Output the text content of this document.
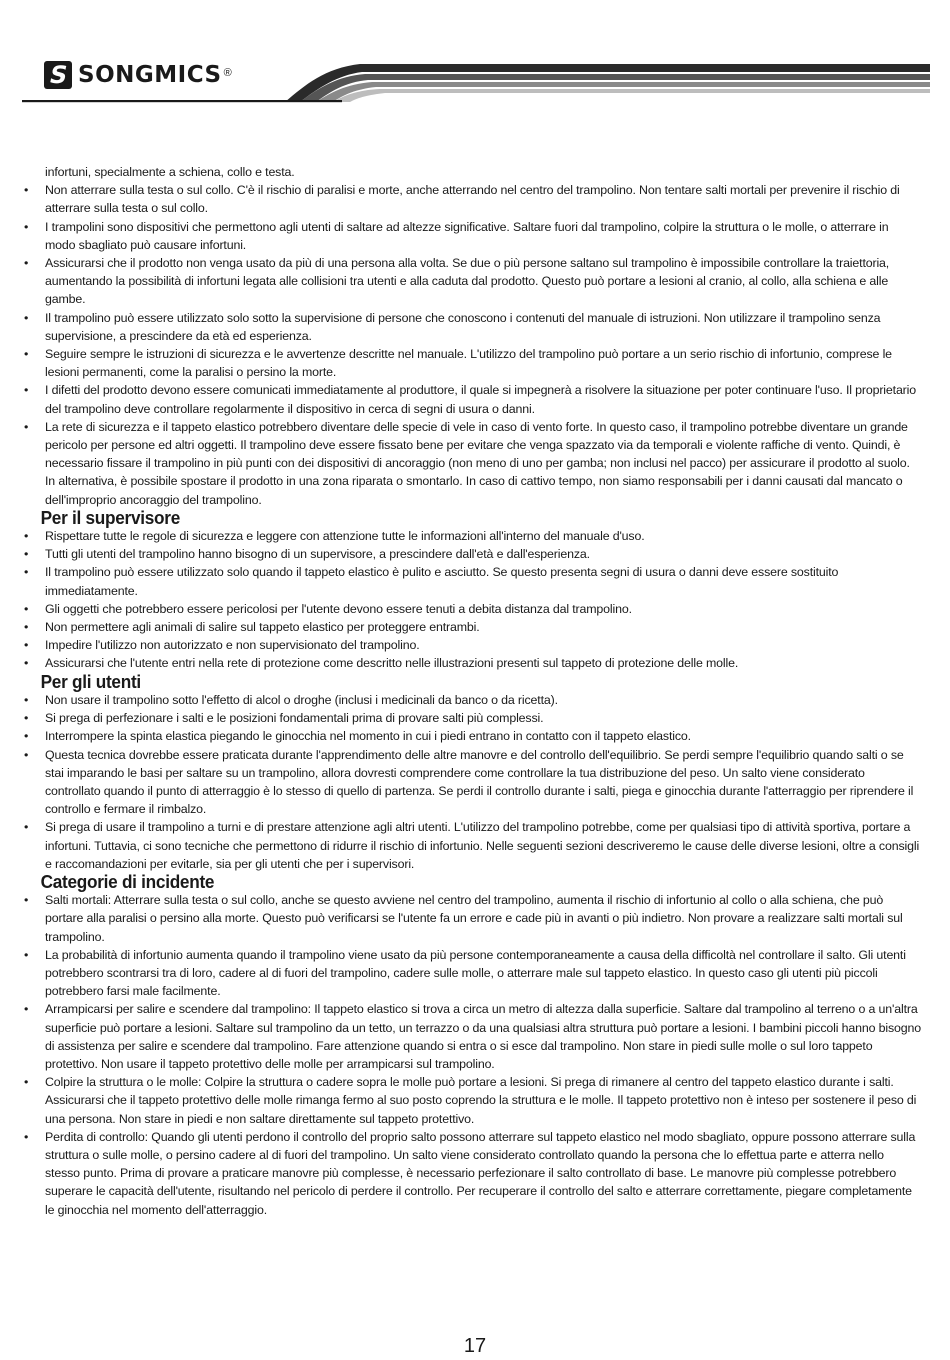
S SONGMICS ®

infortuni, specialmente a schiena, collo e testa.

• Non atterrare sulla testa o sul collo. C'è il rischio di paralisi e morte, anche atterrando nel centro del trampolino. Non tentare salti mortali per prevenire il rischio di atterrare sulla testa o sul collo.
• I trampolini sono dispositivi che permettono agli utenti di saltare ad altezze significative. Saltare fuori dal trampolino, colpire la struttura o le molle, o atterrare in modo sbagliato può causare infortuni.
• Assicurarsi che il prodotto non venga usato da più di una persona alla volta. Se due o più persone saltano sul trampolino è impossibile controllare la traiettoria, aumentando la possibilità di infortuni legata alle collisioni tra utenti e alla caduta dal prodotto. Questo può portare a lesioni al cranio, al collo, alla schiena e alle gambe.
• Il trampolino può essere utilizzato solo sotto la supervisione di persone che conoscono i contenuti del manuale di istruzioni. Non utilizzare il trampolino senza supervisione, a prescindere da età ed esperienza.
• Seguire sempre le istruzioni di sicurezza e le avvertenze descritte nel manuale. L'utilizzo del trampolino può portare a un serio rischio di infortunio, comprese le lesioni permanenti, come la paralisi o persino la morte.
• I difetti del prodotto devono essere comunicati immediatamente al produttore, il quale si impegnerà a risolvere la situazione per poter continuare l'uso. Il proprietario del trampolino deve controllare regolarmente il dispositivo in cerca di segni di usura o danni.
• La rete di sicurezza e il tappeto elastico potrebbero diventare delle specie di vele in caso di vento forte. In questo caso, il trampolino potrebbe diventare un grande pericolo per persone ed altri oggetti. Il trampolino deve essere fissato bene per evitare che venga spazzato via da temporali e violente raffiche di vento. Quindi, è necessario fissare il trampolino in più punti con dei dispositivi di ancoraggio (non meno di uno per gamba; non inclusi nel pacco) per assicurare il prodotto al suolo. In alternativa, è possibile spostare il prodotto in una zona riparata o smontarlo. In caso di cattivo tempo, non siamo responsabili per i danni causati dal mancato o dell'improprio ancoraggio del trampolino.
Per il supervisore
• Rispettare tutte le regole di sicurezza e leggere con attenzione tutte le informazioni all'interno del manuale d'uso.
• Tutti gli utenti del trampolino hanno bisogno di un supervisore, a prescindere dall'età e dall'esperienza.
• Il trampolino può essere utilizzato solo quando il tappeto elastico è pulito e asciutto. Se questo presenta segni di usura o danni deve essere sostituito immediatamente.
• Gli oggetti che potrebbero essere pericolosi per l'utente devono essere tenuti a debita distanza dal trampolino.
• Non permettere agli animali di salire sul tappeto elastico per proteggere entrambi.
• Impedire l'utilizzo non autorizzato e non supervisionato del trampolino.
• Assicurarsi che l'utente entri nella rete di protezione come descritto nelle illustrazioni presenti sul tappeto di protezione delle molle.
Per gli utenti
• Non usare il trampolino sotto l'effetto di alcol o droghe (inclusi i medicinali da banco o da ricetta).
• Si prega di perfezionare i salti e le posizioni fondamentali prima di provare salti più complessi.
• Interrompere la spinta elastica piegando le ginocchia nel momento in cui i piedi entrano in contatto con il tappeto elastico.
• Questa tecnica dovrebbe essere praticata durante l'apprendimento delle altre manovre e del controllo dell'equilibrio. Se perdi sempre l'equilibrio quando salti o se stai imparando le basi per saltare su un trampolino, allora dovresti comprendere come controllare la tua distribuzione del peso. Un salto viene considerato controllato quando il punto di atterraggio è lo stesso di quello di partenza. Se perdi il controllo durante i salti, piega e ginocchia durante l'atterraggio per riprendere il controllo e fermare il rimbalzo.
• Si prega di usare il trampolino a turni e di prestare attenzione agli altri utenti. L'utilizzo del trampolino potrebbe, come per qualsiasi tipo di attività sportiva, portare a infortuni. Tuttavia, ci sono tecniche che permettono di ridurre il rischio di infortunio. Nelle seguenti sezioni descriveremo le cause delle diverse lesioni, oltre a consigli e raccomandazioni per evitarle, sia per gli utenti che per i supervisori.
Categorie di incidente
• Salti mortali: Atterrare sulla testa o sul collo, anche se questo avviene nel centro del trampolino, aumenta il rischio di infortunio al collo o alla schiena, che può portare alla paralisi o persino alla morte. Questo può verificarsi se l'utente fa un errore e cade più in avanti o più indietro. Non provare a realizzare salti mortali sul trampolino.
• La probabilità di infortunio aumenta quando il trampolino viene usato da più persone contemporaneamente a causa della difficoltà nel controllare il salto. Gli utenti potrebbero scontrarsi tra di loro, cadere al di fuori del trampolino, cadere sulle molle, o atterrare male sul tappeto elastico. In questo caso gli utenti più piccoli potrebbero farsi male facilmente.
• Arrampicarsi per salire e scendere dal trampolino: Il tappeto elastico si trova a circa un metro di altezza dalla superficie. Saltare dal trampolino al terreno o a un'altra superficie può portare a lesioni. Saltare sul trampolino da un tetto, un terrazzo o da una qualsiasi altra struttura può portare a lesioni. I bambini piccoli hanno bisogno di assistenza per salire e scendere dal trampolino. Fare attenzione quando si entra o si esce dal trampolino. Non stare in piedi sulle molle o sul loro tappeto protettivo. Non usare il tappeto protettivo delle molle per arrampicarsi sul trampolino.
• Colpire la struttura o le molle: Colpire la struttura o cadere sopra le molle può portare a lesioni. Si prega di rimanere al centro del tappeto elastico durante i salti. Assicurarsi che il tappeto protettivo delle molle rimanga fermo al suo posto coprendo la struttura e le molle. Il tappeto protettivo non è inteso per sostenere il peso di una persona. Non stare in piedi e non saltare direttamente sul tappeto protettivo.
• Perdita di controllo: Quando gli utenti perdono il controllo del proprio salto possono atterrare sul tappeto elastico nel modo sbagliato, oppure possono atterrare sulla struttura o sulle molle, o persino cadere al di fuori del trampolino. Un salto viene considerato controllato quando la persona che lo effettua parte e atterra nello stesso punto. Prima di provare a praticare manovre più complesse, è necessario perfezionare il salto controllato di base. Le manovre più complesse potrebbero superare le capacità dell'utente, risultando nel pericolo di perdere il controllo. Per recuperare il controllo del salto e atterrare correttamente, piegare completamente le ginocchia nel momento dell'atterraggio.
17
